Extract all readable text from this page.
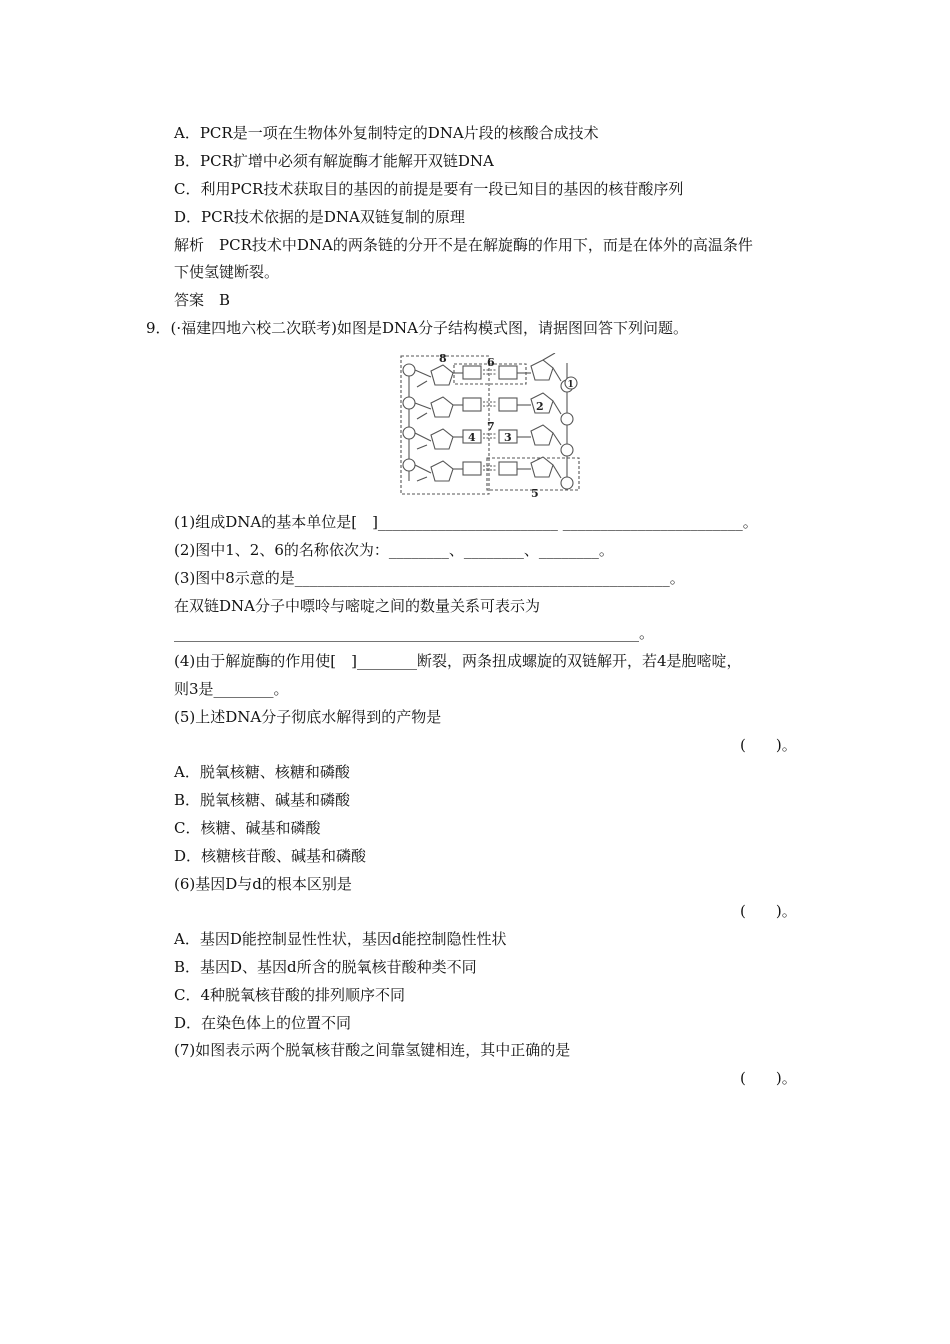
A．PCR是一项在生物体外复制特定的DNA片段的核酸合成技术
B．PCR扩增中必须有解旋酶才能解开双链DNA
C．利用PCR技术获取目的基因的前提是要有一段已知目的基因的核苷酸序列
D．PCR技术依据的是DNA双链复制的原理
解析　PCR技术中DNA的两条链的分开不是在解旋酶的作用下，而是在体外的高温条件
下使氢键断裂。
答案　B
9．(·福建四地六校二次联考)如图是DNA分子结构模式图，请据图回答下列问题。
8	6
1
2
7
4	3
5
(1)组成DNA的基本单位是[　]________________________ ________________________。
(2)图中1、2、6的名称依次为：________、________、________。
(3)图中8示意的是__________________________________________________。
在双链DNA分子中嘌呤与嘧啶之间的数量关系可表示为
______________________________________________________________。
(4)由于解旋酶的作用使[　]________断裂，两条扭成螺旋的双链解开，若4是胞嘧啶，
则3是________。
(5)上述DNA分子彻底水解得到的产物是
(　　)。
A．脱氧核糖、核糖和磷酸
B．脱氧核糖、碱基和磷酸
C．核糖、碱基和磷酸
D．核糖核苷酸、碱基和磷酸
(6)基因D与d的根本区别是
(　　)。
A．基因D能控制显性性状，基因d能控制隐性性状
B．基因D、基因d所含的脱氧核苷酸种类不同
C．4种脱氧核苷酸的排列顺序不同
D．在染色体上的位置不同
(7)如图表示两个脱氧核苷酸之间靠氢键相连，其中正确的是
(　　)。
